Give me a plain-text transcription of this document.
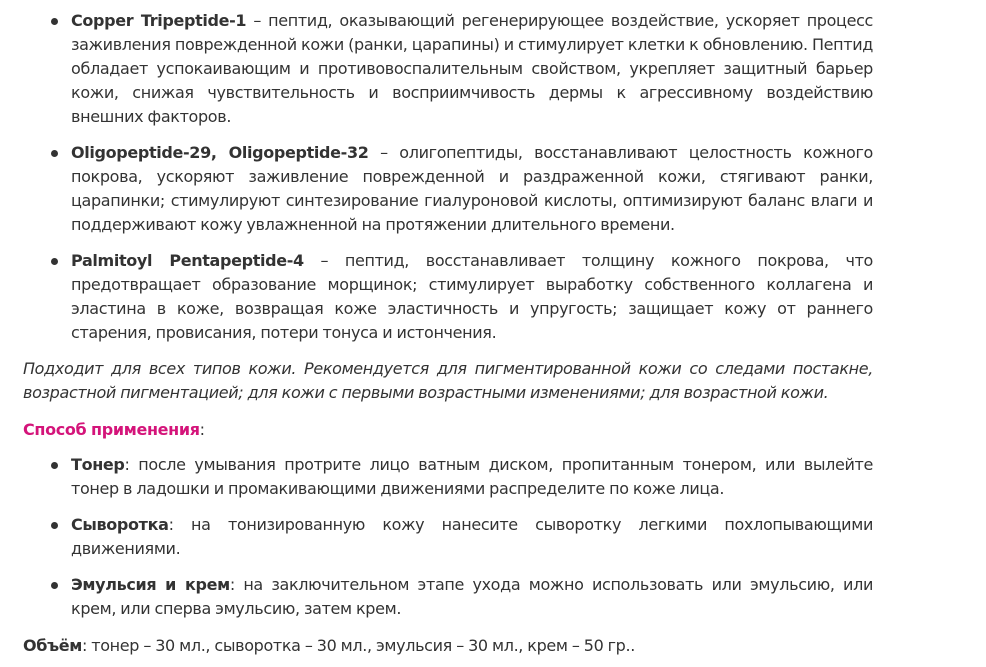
Copper Tripeptide-1 – пептид, оказывающий регенерирующее воздействие, ускоряет процесс заживления поврежденной кожи (ранки, царапины) и стимулирует клетки к обновлению. Пептид обладает успокаивающим и противовоспалительным свойством, укрепляет защитный барьер кожи, снижая чувствительность и восприимчивость дермы к агрессивному воздействию внешних факторов.
Oligopeptide-29, Oligopeptide-32 – олигопептиды, восстанавливают целостность кожного покрова, ускоряют заживление поврежденной и раздраженной кожи, стягивают ранки, царапинки; стимулируют синтезирование гиалуроновой кислоты, оптимизируют баланс влаги и поддерживают кожу увлажненной на протяжении длительного времени.
Palmitoyl Pentapeptide-4 – пептид, восстанавливает толщину кожного покрова, что предотвращает образование морщинок; стимулирует выработку собственного коллагена и эластина в коже, возвращая коже эластичность и упругость; защищает кожу от раннего старения, провисания, потери тонуса и истончения.

Подходит для всех типов кожи. Рекомендуется для пигментированной кожи со следами постакне, возрастной пигментацией; для кожи с первыми возрастными изменениями; для возрастной кожи.

Способ применения:
Тонер: после умывания протрите лицо ватным диском, пропитанным тонером, или вылейте тонер в ладошки и промакивающими движениями распределите по коже лица.
Сыворотка: на тонизированную кожу нанесите сыворотку легкими похлопывающими движениями.
Эмульсия и крем: на заключительном этапе ухода можно использовать или эмульсию, или крем, или сперва эмульсию, затем крем.
Объём: тонер – 30 мл., сыворотка – 30 мл., эмульсия – 30 мл., крем – 50 гр..
